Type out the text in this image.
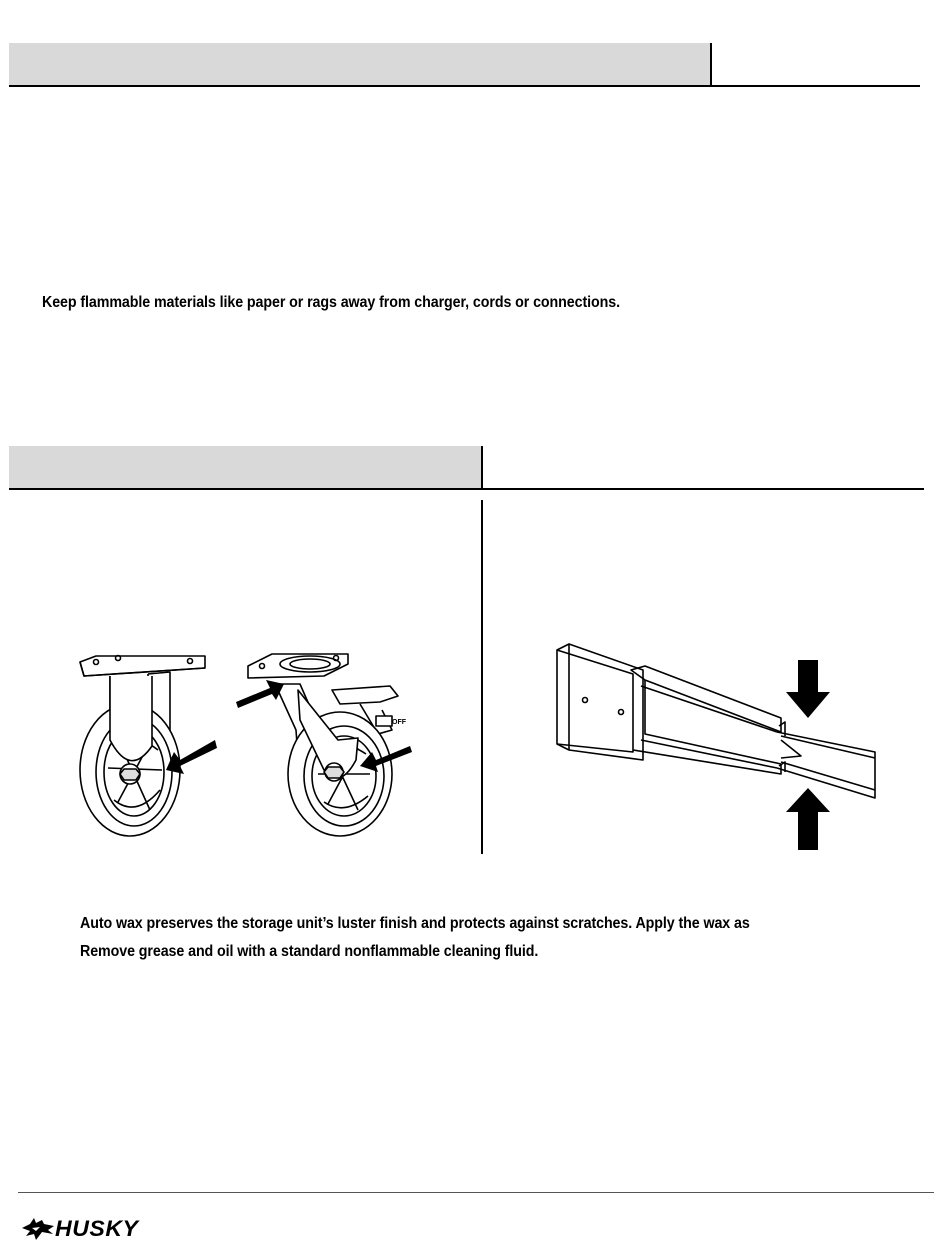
Keep flammable materials like paper or rags away from charger, cords or connections.
OFF
Auto wax preserves the storage unit’s luster finish and protects against scratches. Apply the wax as
Remove grease and oil with a standard nonflammable cleaning fluid.
HUSKY
